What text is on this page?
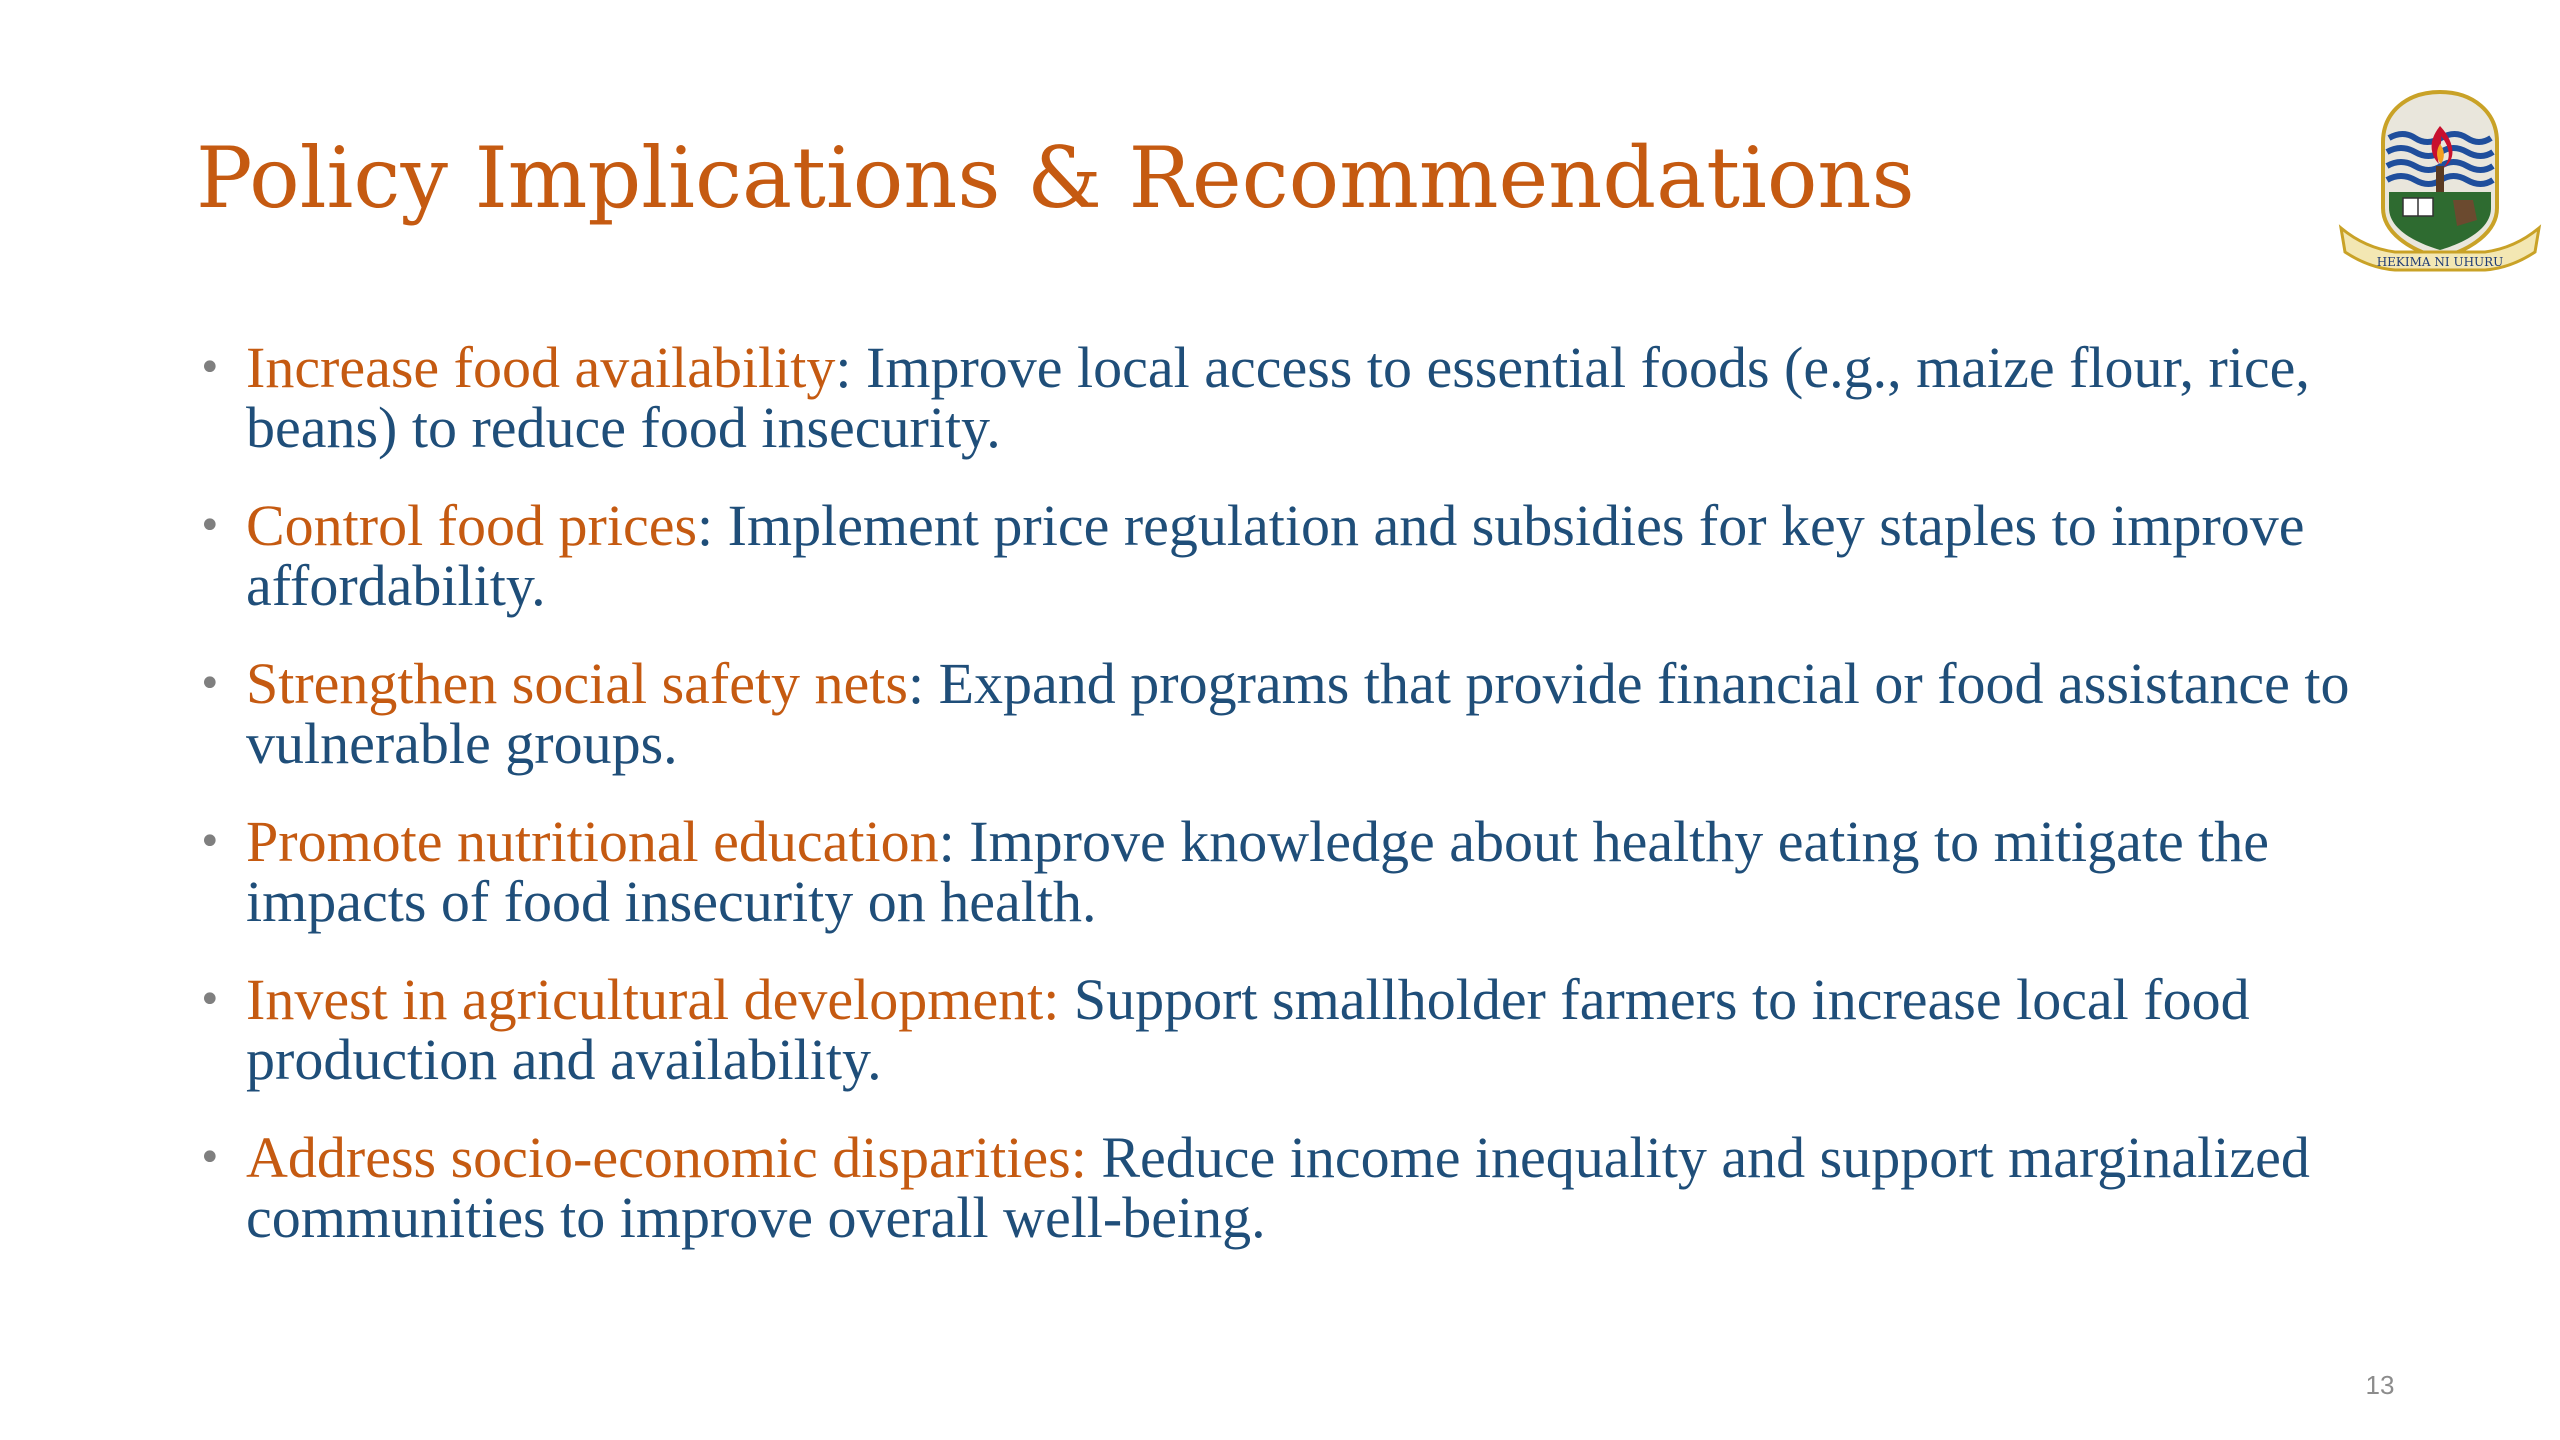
Policy Implications & Recommendations
HEKIMA NI UHURU
• Increase food availability: Improve local access to essential foods (e.g., maize flour, rice, beans) to reduce food insecurity.
• Control food prices: Implement price regulation and subsidies for key staples to improve affordability.
• Strengthen social safety nets: Expand programs that provide financial or food assistance to vulnerable groups.
• Promote nutritional education: Improve knowledge about healthy eating to mitigate the impacts of food insecurity on health.
• Invest in agricultural development: Support smallholder farmers to increase local food production and availability.
• Address socio-economic disparities: Reduce income inequality and support marginalized communities to improve overall well-being.
13
